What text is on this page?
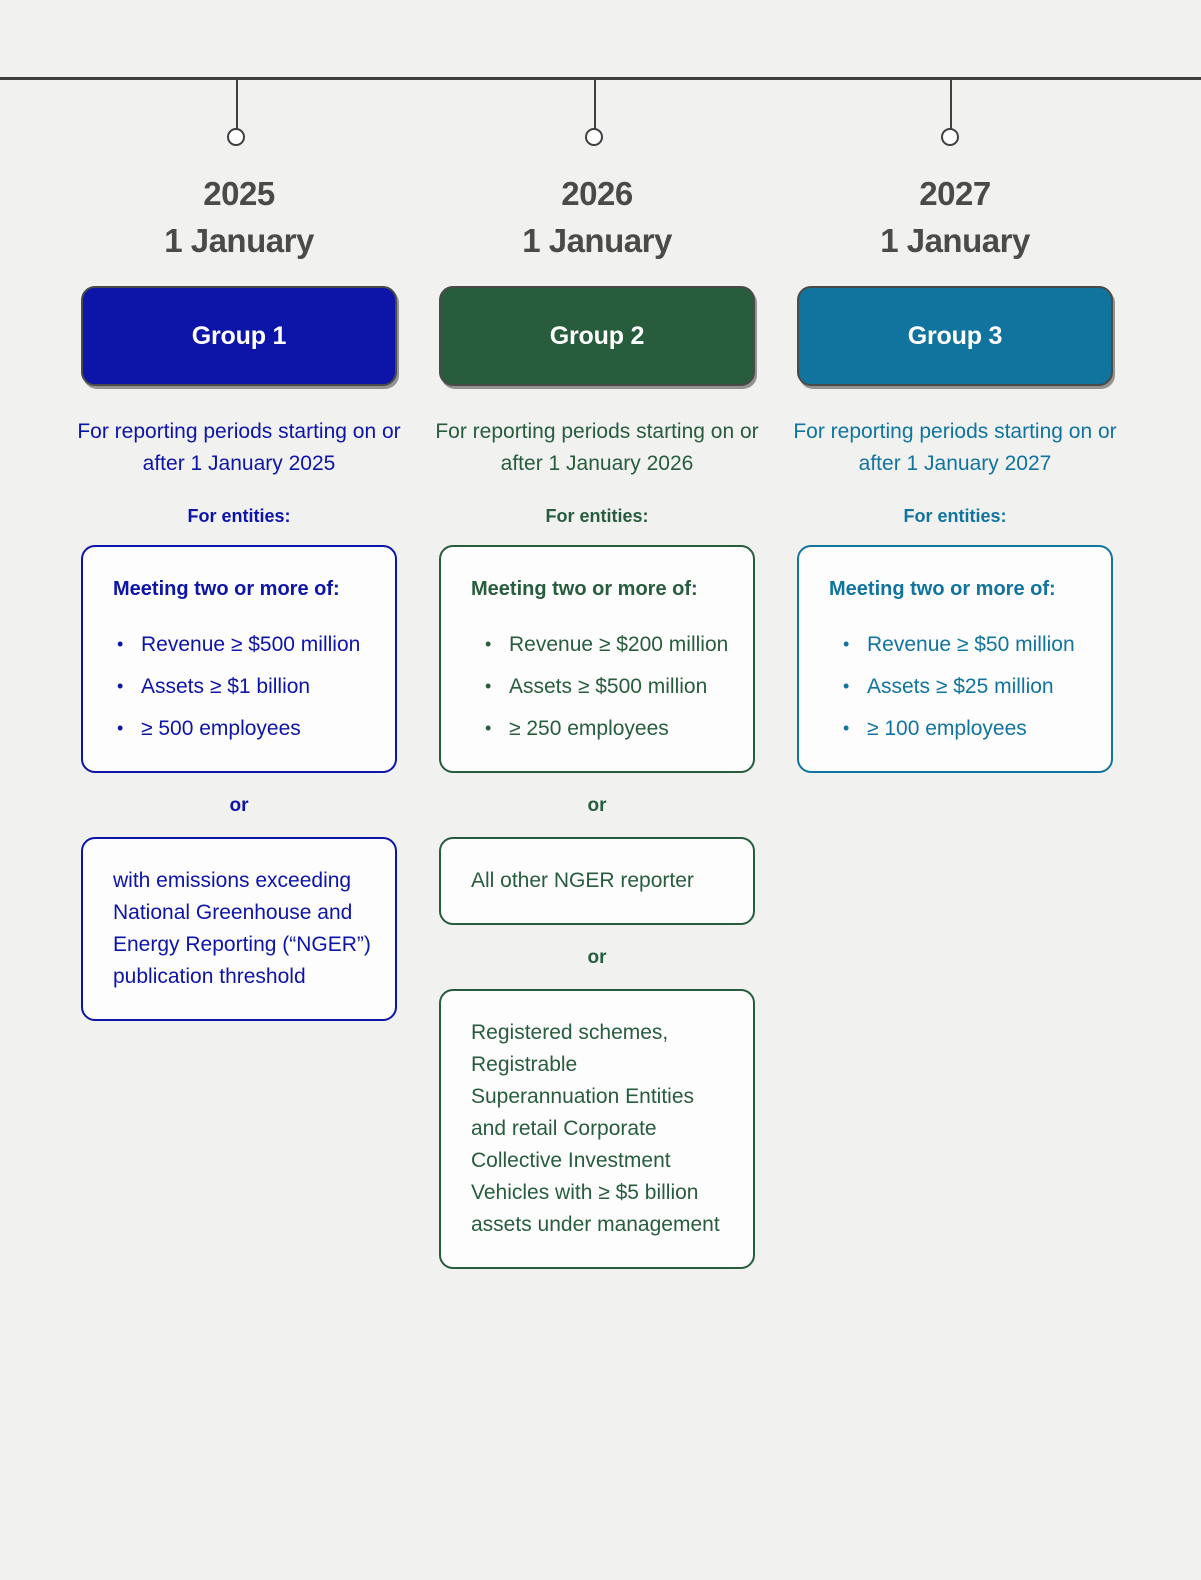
2025
1 January
Group 1
For reporting periods starting on or after 1 January 2025
For entities:
Meeting two or more of:
• Revenue ≥ $500 million
• Assets ≥ $1 billion
• ≥ 500 employees
or
with emissions exceeding National Greenhouse and Energy Reporting (“NGER”) publication threshold
2026
1 January
Group 2
For reporting periods starting on or after 1 January 2026
For entities:
Meeting two or more of:
• Revenue ≥ $200 million
• Assets ≥ $500 million
• ≥ 250 employees
or
All other NGER reporter
or
Registered schemes, Registrable Superannuation Entities and retail Corporate Collective Investment Vehicles with ≥ $5 billion assets under management
2027
1 January
Group 3
For reporting periods starting on or after 1 January 2027
For entities:
Meeting two or more of:
• Revenue ≥ $50 million
• Assets ≥ $25 million
• ≥ 100 employees
